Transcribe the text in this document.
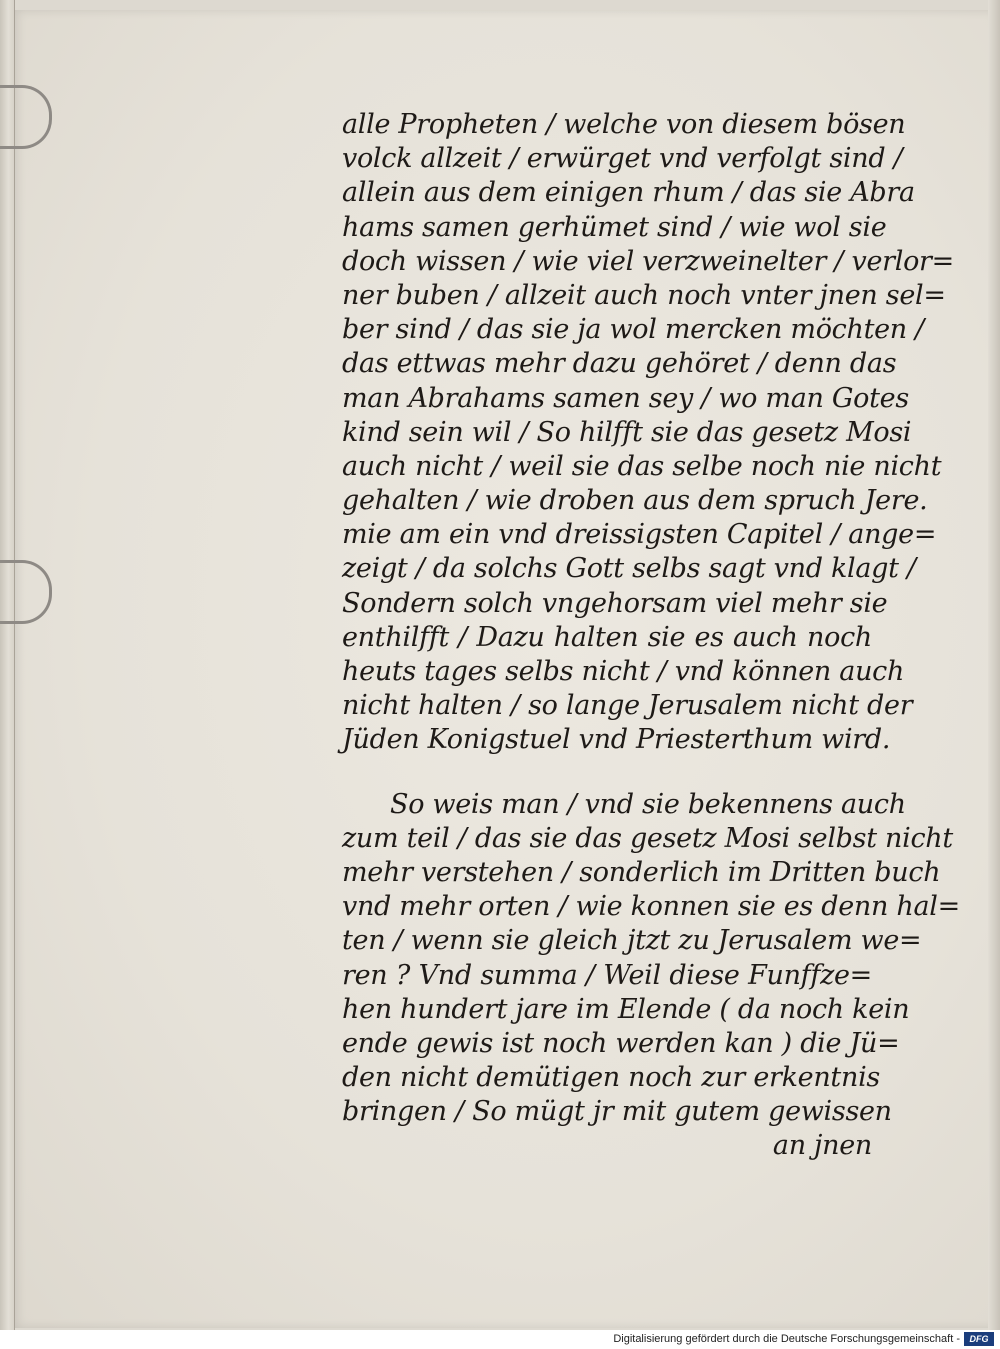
alle Propheten / welche von diesem bösen
volck allzeit / erwürget vnd verfolgt sind /
allein aus dem einigen rhum / das sie Abra
hams samen gerhümet sind / wie wol sie
doch wissen / wie viel verzweinelter / verlor=
ner buben / allzeit auch noch vnter jnen sel=
ber sind / das sie ja wol mercken möchten /
das ettwas mehr dazu gehöret / denn das
man Abrahams samen sey / wo man Gotes
kind sein wil / So hilfft sie das gesetz Mosi
auch nicht / weil sie das selbe noch nie nicht
gehalten / wie droben aus dem spruch Jere.
mie am ein vnd dreissigsten Capitel / ange=
zeigt / da solchs Gott selbs sagt vnd klagt /
Sondern solch vngehorsam viel mehr sie
enthilfft / Dazu halten sie es auch noch
heuts tages selbs nicht / vnd können auch
nicht halten / so lange Jerusalem nicht der
Jüden Konigstuel vnd Priesterthum wird.
So weis man / vnd sie bekennens auch
zum teil / das sie das gesetz Mosi selbst nicht
mehr verstehen / sonderlich im Dritten buch
vnd mehr orten / wie konnen sie es denn hal=
ten / wenn sie gleich jtzt zu Jerusalem we=
ren ? Vnd summa / Weil diese Funffze=
hen hundert jare im Elende ( da noch kein
ende gewis ist noch werden kan ) die Jü=
den nicht demütigen noch zur erkentnis
bringen / So mügt jr mit gutem gewissen
an jnen
Digitalisierung gefördert durch die Deutsche Forschungsgemeinschaft -	DFG
